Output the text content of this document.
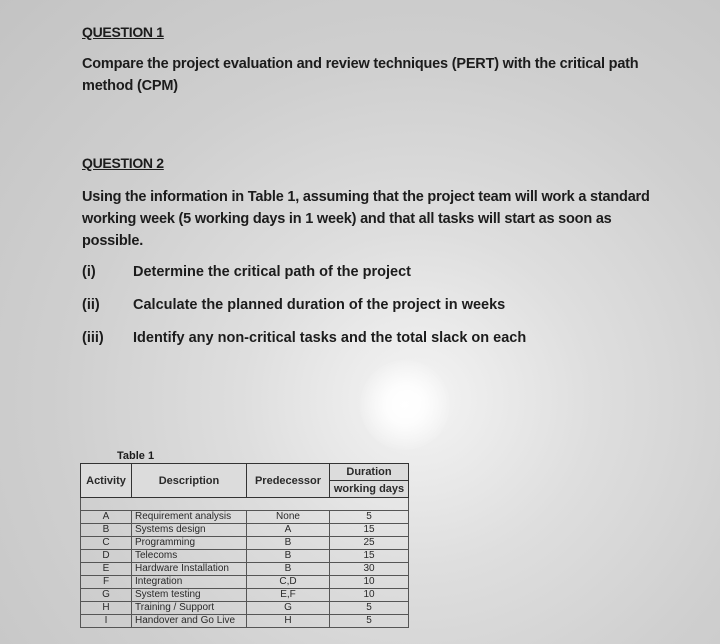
QUESTION 1
Compare the project evaluation and review techniques (PERT) with the critical path
method (CPM)
QUESTION 2
Using the information in Table 1, assuming that the project team will work a standard
working week (5 working days in 1 week) and that all tasks will start as soon as
possible.
(i)	Determine the critical path of the project
(ii) Calculate the planned duration of the project in weeks
(iii) Identify any non-critical tasks and the total slack on each
Table 1
Activity	Description	Predecessor	Duration
working days

A	Requirement analysis	None	5
B	Systems design	A	15
C	Programming	B	25
D	Telecoms	B	15
E	Hardware Installation	B	30
F	Integration	C,D	10
G	System testing	E,F	10
H	Training / Support	G	5
I	Handover and Go Live	H	5
